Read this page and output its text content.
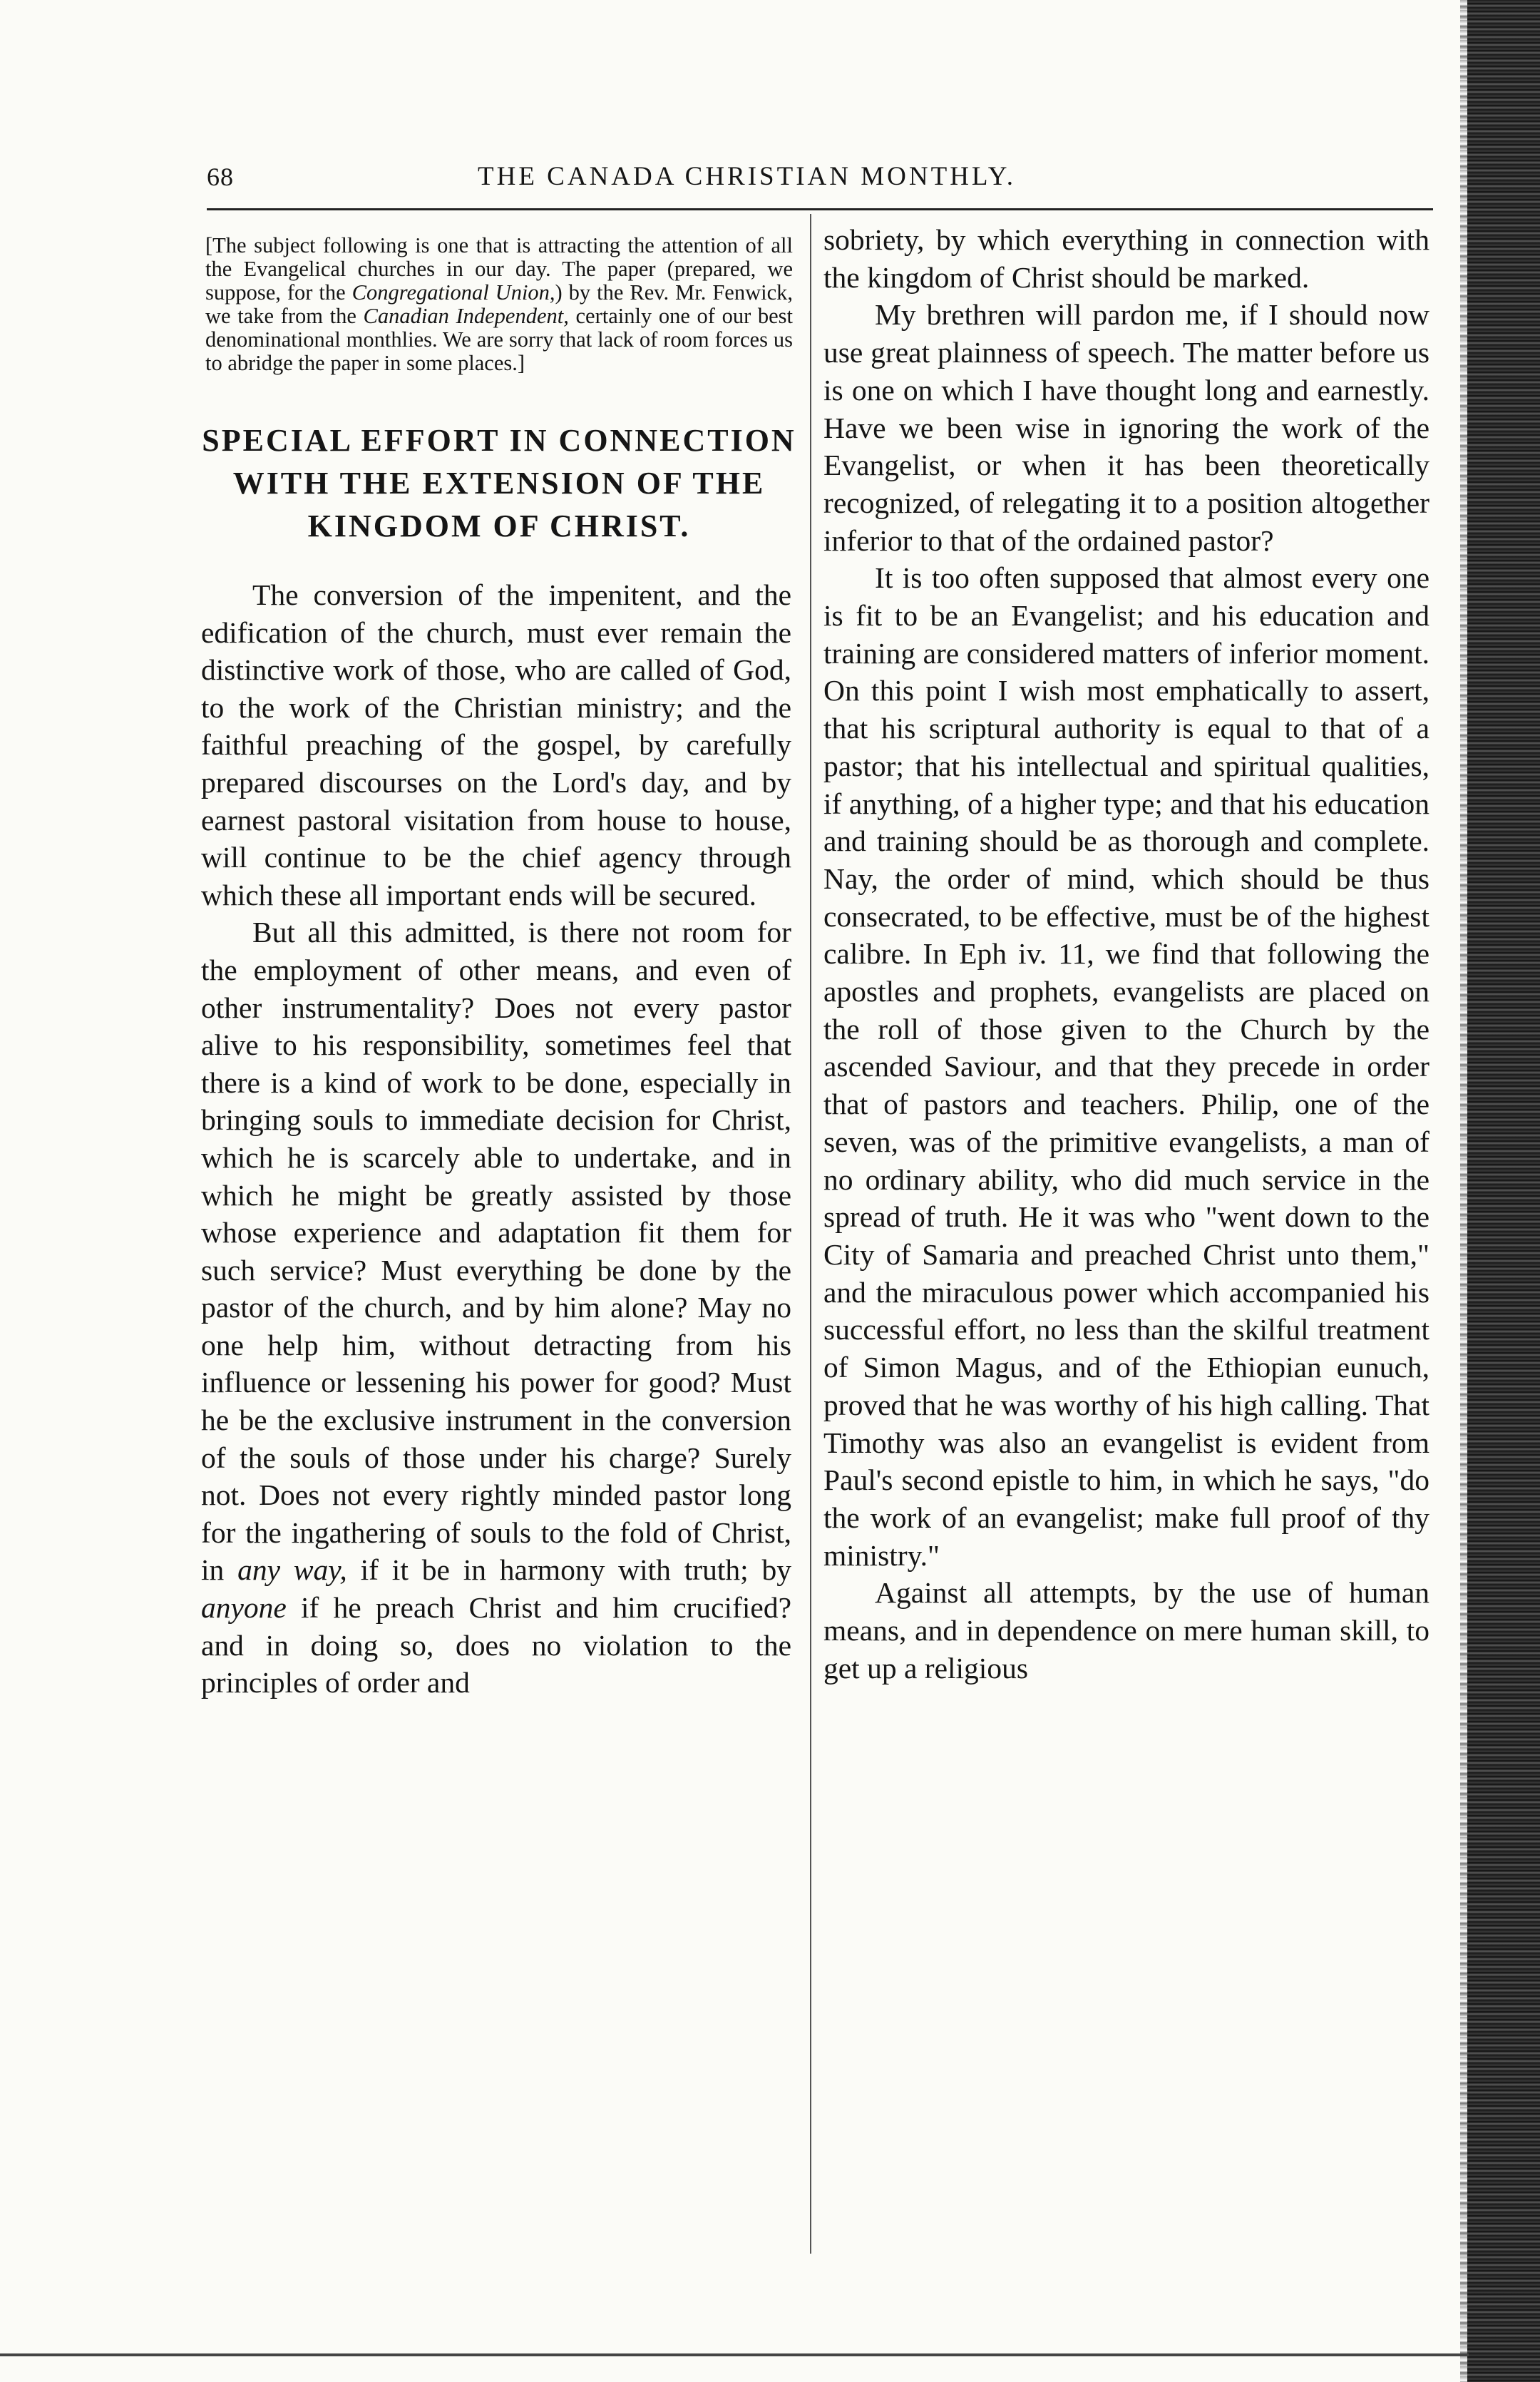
68	THE CANADA CHRISTIAN MONTHLY.
[The subject following is one that is attracting the attention of all the Evangelical churches in our day. The paper (prepared, we suppose, for the Congregational Union,) by the Rev. Mr. Fenwick, we take from the Canadian Independent, certainly one of our best denominational monthlies. We are sorry that lack of room forces us to abridge the paper in some places.]
SPECIAL EFFORT IN CONNECTION WITH THE EXTENSION OF THE KINGDOM OF CHRIST.

The conversion of the impenitent, and the edification of the church, must ever remain the distinctive work of those, who are called of God, to the work of the Christian ministry; and the faithful preaching of the gospel, by carefully prepared discourses on the Lord's day, and by earnest pastoral visitation from house to house, will continue to be the chief agency through which these all important ends will be secured.

But all this admitted, is there not room for the employment of other means, and even of other instrumentality? Does not every pastor alive to his responsibility, sometimes feel that there is a kind of work to be done, especially in bringing souls to immediate decision for Christ, which he is scarcely able to undertake, and in which he might be greatly assisted by those whose experience and adaptation fit them for such service? Must everything be done by the pastor of the church, and by him alone? May no one help him, without detracting from his influence or lessening his power for good? Must he be the exclusive instrument in the conversion of the souls of those under his charge? Surely not. Does not every rightly minded pastor long for the ingathering of souls to the fold of Christ, in any way, if it be in harmony with truth; by anyone if he preach Christ and him crucified? and in doing so, does no violation to the principles of order and

sobriety, by which everything in connection with the kingdom of Christ should be marked.

My brethren will pardon me, if I should now use great plainness of speech. The matter before us is one on which I have thought long and earnestly. Have we been wise in ignoring the work of the Evangelist, or when it has been theoretically recognized, of relegating it to a position altogether inferior to that of the ordained pastor?

It is too often supposed that almost every one is fit to be an Evangelist; and his education and training are considered matters of inferior moment. On this point I wish most emphatically to assert, that his scriptural authority is equal to that of a pastor; that his intellectual and spiritual qualities, if anything, of a higher type; and that his education and training should be as thorough and complete. Nay, the order of mind, which should be thus consecrated, to be effective, must be of the highest calibre. In Eph iv. 11, we find that following the apostles and prophets, evangelists are placed on the roll of those given to the Church by the ascended Saviour, and that they precede in order that of pastors and teachers. Philip, one of the seven, was of the primitive evangelists, a man of no ordinary ability, who did much service in the spread of truth. He it was who "went down to the City of Samaria and preached Christ unto them," and the miraculous power which accompanied his successful effort, no less than the skilful treatment of Simon Magus, and of the Ethiopian eunuch, proved that he was worthy of his high calling. That Timothy was also an evangelist is evident from Paul's second epistle to him, in which he says, "do the work of an evangelist; make full proof of thy ministry."

Against all attempts, by the use of human means, and in dependence on mere human skill, to get up a religious
